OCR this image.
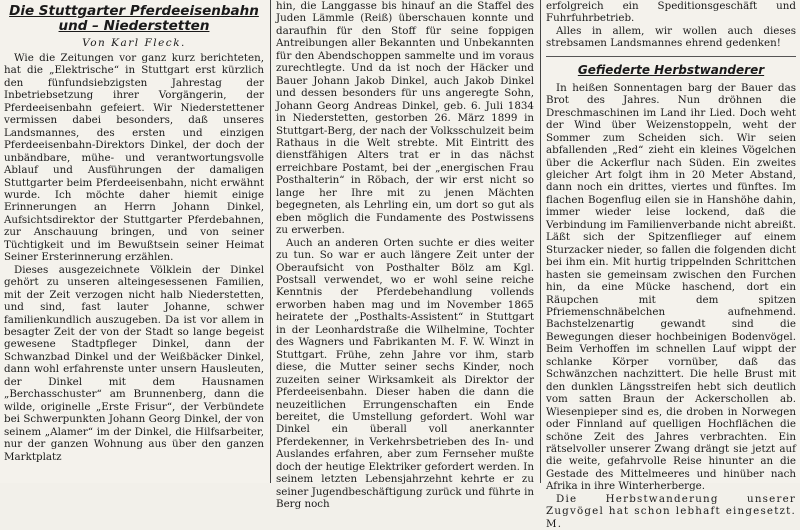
Die Stuttgarter Pferdeeisenbahn und – Niederstetten
Von Karl Fleck.

Wie die Zeitungen vor ganz kurz berichteten, hat die „Elektrische“ in Stuttgart erst kürzlich den fünfundsiebzigsten Jahrestag der Inbetriebsetzung ihrer Vorgängerin, der Pferdeeisenbahn gefeiert. Wir Niederstettener vermissen dabei besonders, daß unseres Landsmannes, des ersten und einzigen Pferdeeisenbahn-Direktors Dinkel, der doch der unbändbare, mühe- und verantwortungsvolle Ablauf und Ausführungen der damaligen Stuttgarter beim Pferdeeisenbahn, nicht erwähnt wurde. Ich möchte daher hiemit einige Erinnerungen an Herrn Johann Dinkel, Aufsichtsdirektor der Stuttgarter Pferdebahnen, zur Anschauung bringen, und von seiner Tüchtigkeit und im Bewußtsein seiner Heimat Seiner Ersterinnerung erzählen.

Dieses ausgezeichnete Völklein der Dinkel gehört zu unseren alteingesessenen Familien, mit der Zeit verzogen nicht halb Niederstetten, und sind, fast lauter Johanne, schwer familienkundlich auszugeben. Da ist vor allem in besagter Zeit der von der Stadt so lange begeist gewesene Stadtpfleger Dinkel, dann der Schwanzbad Dinkel und der Weißbäcker Dinkel, dann wohl erfahrenste unter unsern Hausleuten, der Dinkel mit dem Hausnamen „Berchasschuster“ am Brunnenberg, dann die wilde, originelle „Erste Frisur“, der Verbündete bei Schwerpunkten Johann Georg Dinkel, der von seinem „Alamer“ im der Dinkel, die Hilfsarbeiter, nur der ganzen Wohnung aus über den ganzen Marktplatz

hin, die Langgasse bis hinauf an die Staffel des Juden Lämmle (Reiß) überschauen konnte und daraufhin für den Stoff für seine foppigen Antreibungen aller Bekannten und Unbekannten für den Abendschoppen sammelte und im voraus zurechtlegte. Und da ist noch der Häcker und Bauer Johann Jakob Dinkel, auch Jakob Dinkel und dessen besonders für uns angeregte Sohn, Johann Georg Andreas Dinkel, geb. 6. Juli 1834 in Niederstetten, gestorben 26. März 1899 in Stuttgart-Berg, der nach der Volksschulzeit beim Rathaus in die Welt strebte. Mit Eintritt des dienstfähigen Alters trat er in das nächst erreichbare Postamt, bei der „energischen Frau Posthalterin“ in Röbach, der wir erst nicht so lange her Ihre mit zu jenen Mächten begegneten, als Lehrling ein, um dort so gut als eben möglich die Fundamente des Postwissens zu erwerben.

Auch an anderen Orten suchte er dies weiter zu tun. So war er auch längere Zeit unter der Oberaufsicht von Posthalter Bölz am Kgl. Postsall verwendet, wo er wohl seine reiche Kenntnis der Pferdebehandlung vollends erworben haben mag und im November 1865 heiratete der „Posthalts-Assistent“ in Stuttgart in der Leonhardstraße die Wilhelmine, Tochter des Wagners und Fabrikanten M. F. W. Winzt in Stuttgart. Frühe, zehn Jahre vor ihm, starb diese, die Mutter seiner sechs Kinder, noch zuzeiten seiner Wirksamkeit als Direktor der Pferdeeisenbahn. Dieser haben die dann die neuzeitlichen Errungenschaften ein Ende bereitet, die Umstellung gefordert. Wohl war Dinkel ein überall voll anerkannter Pferdekenner, in Verkehrsbetrieben des In- und Auslandes erfahren, aber zum Fernseher mußte doch der heutige Elektriker gefordert werden. In seinem letzten Lebensjahrzehnt kehrte er zu seiner Jugendbeschäftigung zurück und führte in Berg noch

erfolgreich ein Speditionsgeschäft und Fuhrfuhrbetrieb.

Alles in allem, wir wollen auch dieses strebsamen Landsmannes ehrend gedenken!

Gefiederte Herbstwanderer

In heißen Sonnentagen barg der Bauer das Brot des Jahres. Nun dröhnen die Dreschmaschinen im Land ihr Lied. Doch weht der Wind über Weizenstoppeln, weht der Sommer zum Scheiden sich. Wir seien abfallenden „Red“ zieht ein kleines Vögelchen über die Ackerflur nach Süden. Ein zweites gleicher Art folgt ihm in 20 Meter Abstand, dann noch ein drittes, viertes und fünftes. Im flachen Bogenflug eilen sie in Hanshöhe dahin, immer wieder leise lockend, daß die Verbindung im Familienverbande nicht abreißt. Läßt sich der Spitzenflieger auf einem Sturzacker nieder, so fallen die folgenden dicht bei ihm ein. Mit hurtig trippelnden Schrittchen hasten sie gemeinsam zwischen den Furchen hin, da eine Mücke haschend, dort ein Räupchen mit dem spitzen Pfriemenschnäbelchen aufnehmend. Bachstelzenartig gewandt sind die Bewegungen dieser hochbeinigen Bodenvögel. Beim Verhoffen im schnellen Lauf wippt der schlanke Körper vornüber, daß das Schwänzchen nachzittert. Die helle Brust mit den dunklen Längsstreifen hebt sich deutlich vom satten Braun der Ackerschollen ab. Wiesenpieper sind es, die droben in Norwegen oder Finnland auf quelligen Hochflächen die schöne Zeit des Jahres verbrachten. Ein rätselvoller unserer Zwang drängt sie jetzt auf die weite, gefahrvolle Reise hinunter an die Gestade des Mittelmeeres und hinüber nach Afrika in ihre Winterherberge.

Die Herbstwanderung unserer Zugvögel hat schon lebhaft eingesetzt. M.
